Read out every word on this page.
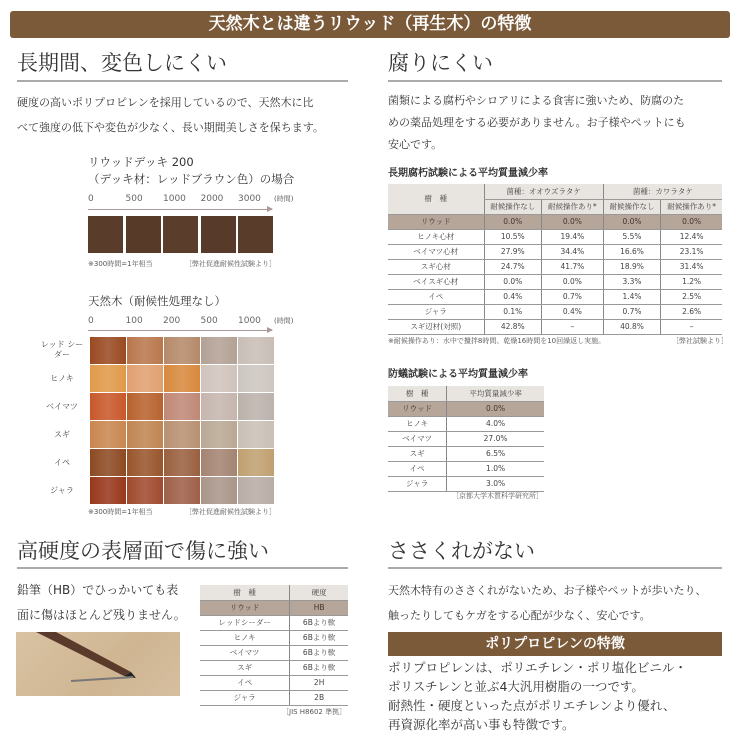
天然木とは違うリウッド（再生木）の特徴
長期間、変色しにくい
硬度の高いポリプロピレンを採用しているので、天然木に比
べて強度の低下や変色が少なく、長い期間美しさを保ちます。
リウッドデッキ 200
（デッキ材：レッドブラウン色）の場合
0	500 1000 2000 3000 (時間)
※300時間=1年相当	［弊社促進耐候性試験より］
天然木（耐候性処理なし）
0	100 200 500 1000 (時間)
レッド シーダー
ヒノキ
ベイマツ
スギ
イペ
ジャラ
※300時間=1年相当	［弊社促進耐候性試験より］
腐りにくい
菌類による腐朽やシロアリによる食害に強いため、防腐のた
めの薬品処理をする必要がありません。お子様やペットにも
安心です。
長期腐朽試験による平均質量減少率
樹　種	菌種：オオウズラタケ		菌種：カワラタケ	
	耐候操作なし	耐候操作あり*	耐候操作なし	耐候操作あり*
リウッド	0.0%	0.0%	0.0%	0.0%
ヒノキ心材	10.5%	19.4%	5.5%	12.4%
ベイマツ心材	27.9%	34.4%	16.6%	23.1%
スギ心材	24.7%	41.7%	18.9%	31.4%
ベイスギ心材	0.0%	0.0%	3.3%	1.2%
イペ	0.4%	0.7%	1.4%	2.5%
ジャラ	0.1%	0.4%	0.7%	2.6%
スギ辺材(対照)	42.8%	–	40.8%	–
※耐候操作あり：水中で攪拌8時間、乾燥16時間を10回繰返し実施。	［弊社試験より］
防蟻試験による平均質量減少率
樹　種	平均質量減少率
リウッド	0.0%
ヒノキ	4.0%
ベイマツ	27.0%
スギ	6.5%
イペ	1.0%
ジャラ	3.0%
［京都大学木質科学研究所］
高硬度の表層面で傷に強い
鉛筆（HB）でひっかいても表
面に傷はほとんど残りません。
樹　種	硬度
リウッド	HB
レッドシーダー	6Bより軟
ヒノキ	6Bより軟
ベイマツ	6Bより軟
スギ	6Bより軟
イペ	2H
ジャラ	2B
［JIS H8602 準拠］
ささくれがない
天然木特有のささくれがないため、お子様やペットが歩いたり、
触ったりしてもケガをする心配が少なく、安心です。
ポリプロピレンの特徴
ポリプロピレンは、ポリエチレン・ポリ塩化ビニル・
ポリスチレンと並ぶ4大汎用樹脂の一つです。
耐熱性・硬度といった点がポリエチレンより優れ、
再資源化率が高い事も特徴です。
